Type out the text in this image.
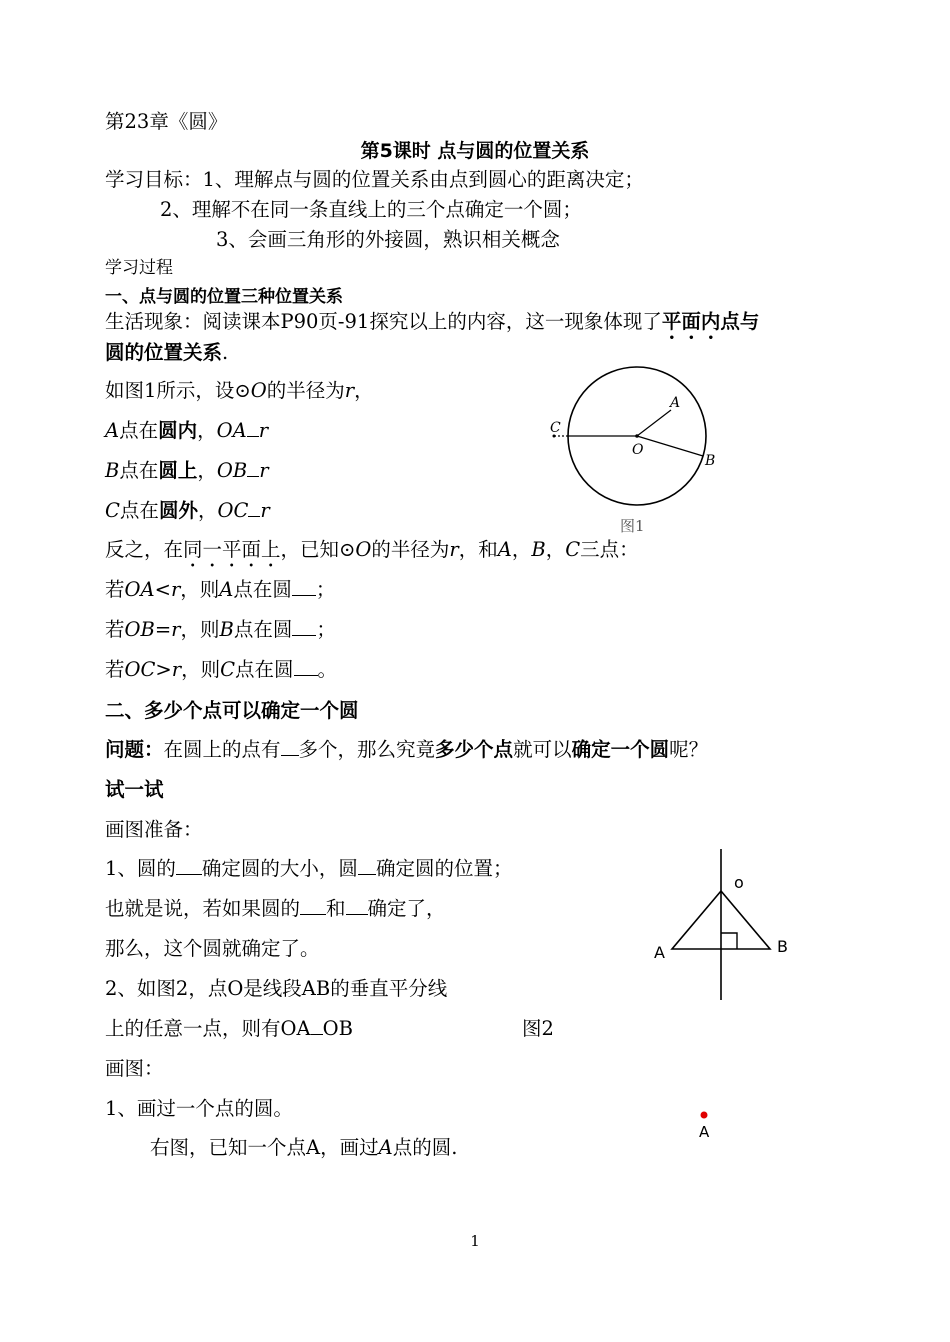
第23章《圆》
第5课时 点与圆的位置关系
学习目标：1、理解点与圆的位置关系由点到圆心的距离决定；
2、理解不在同一条直线上的三个点确定一个圆；
3、会画三角形的外接圆，熟识相关概念
学习过程
一、点与圆的位置三种位置关系
生活现象：阅读课本P90页-91探究以上的内容，这一现象体现了平面内点与
圆的位置关系.
如图1所示，设⊙O的半径为r，
A点在圆内，OA r
B点在圆上，OB r
C点在圆外，OC r
A
B
C
O
图1
反之，在同一平面上，已知⊙O的半径为r，和A，B，C三点：
若OA<r，则A点在圆 ；
若OB=r，则B点在圆 ；
若OC>r，则C点在圆 。
二、多少个点可以确定一个圆
问题：在圆上的点有 多个，那么究竟多少个点就可以确定一个圆呢？
试一试
画图准备：
1、圆的 确定圆的大小，圆 确定圆的位置；
也就是说，若如果圆的 和 确定了，
那么，这个圆就确定了。
2、如图2，点O是线段AB的垂直平分线
上的任意一点，则有OA OB	图2
o
A	B
画图：
1、画过一个点的圆。
右图，已知一个点A，画过A点的圆.
A
1
